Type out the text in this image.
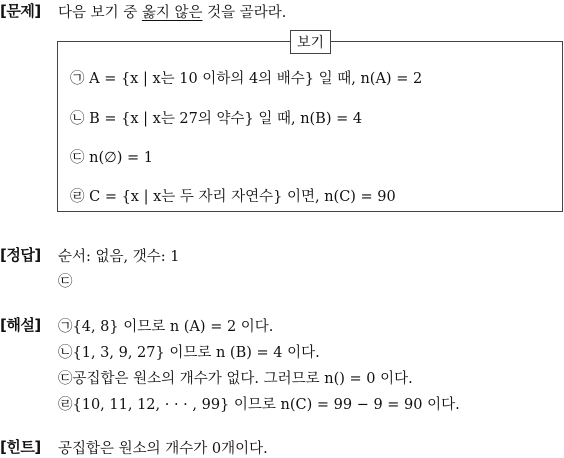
[문제] 다음 보기 중 옳지 않은 것을 골라라.
보기
㉠ A = {x | x는 10 이하의 4의 배수} 일 때, n(A) = 2
㉡ B = {x | x는 27의 약수} 일 때, n(B) = 4
㉢ n(∅) = 1
㉣ C = {x | x는 두 자리 자연수} 이면, n(C) = 90
[정답] 순서: 없음, 갯수: 1
㉢
[해설] ㉠{4, 8} 이므로 n (A) = 2 이다.
㉡{1, 3, 9, 27} 이므로 n (B) = 4 이다.
㉢공집합은 원소의 개수가 없다. 그러므로 n() = 0 이다.
㉣{10, 11, 12, · · · , 99} 이므로 n(C) = 99 − 9 = 90 이다.
[힌트] 공집합은 원소의 개수가 0개이다.
